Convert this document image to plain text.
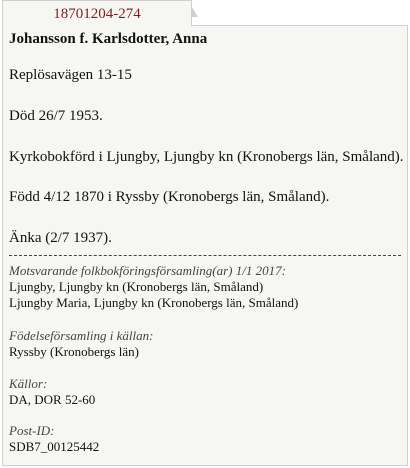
18701204-274
Johansson f. Karlsdotter, Anna
Replösavägen 13-15
Död 26/7 1953.
Kyrkobokförd i Ljungby, Ljungby kn (Kronobergs län, Småland).
Född 4/12 1870 i Ryssby (Kronobergs län, Småland).
Änka (2/7 1937).
Motsvarande folkbokföringsförsamling(ar) 1/1 2017:
Ljungby, Ljungby kn (Kronobergs län, Småland)
Ljungby Maria, Ljungby kn (Kronobergs län, Småland)
Födelseförsamling i källan:
Ryssby (Kronobergs län)
Källor:
DA, DOR 52-60
Post-ID:
SDB7_00125442
